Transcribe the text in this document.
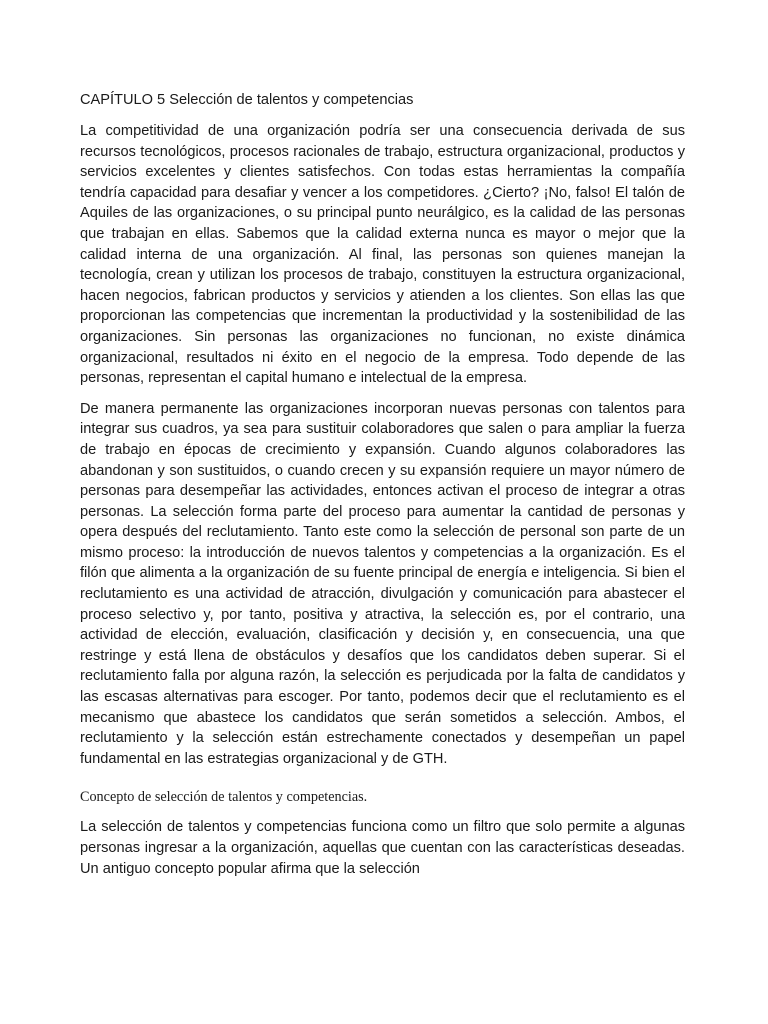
CAPÍTULO 5 Selección de talentos y competencias

La competitividad de una organización podría ser una consecuencia derivada de sus recursos tecnológicos, procesos racionales de trabajo, estructura organizacional, productos y servicios excelentes y clientes satisfechos. Con todas estas herramientas la compañía tendría capacidad para desafiar y vencer a los competidores. ¿Cierto? ¡No, falso! El talón de Aquiles de las organizaciones, o su principal punto neurálgico, es la calidad de las personas que trabajan en ellas. Sabemos que la calidad externa nunca es mayor o mejor que la calidad interna de una organización. Al final, las personas son quienes manejan la tecnología, crean y utilizan los procesos de trabajo, constituyen la estructura organizacional, hacen negocios, fabrican productos y servicios y atienden a los clientes. Son ellas las que proporcionan las competencias que incrementan la productividad y la sostenibilidad de las organizaciones. Sin personas las organizaciones no funcionan, no existe dinámica organizacional, resultados ni éxito en el negocio de la empresa. Todo depende de las personas, representan el capital humano e intelectual de la empresa.

De manera permanente las organizaciones incorporan nuevas personas con talentos para integrar sus cuadros, ya sea para sustituir colaboradores que salen o para ampliar la fuerza de trabajo en épocas de crecimiento y expansión. Cuando algunos colaboradores las abandonan y son sustituidos, o cuando crecen y su expansión requiere un mayor número de personas para desempeñar las actividades, entonces activan el proceso de integrar a otras personas. La selección forma parte del proceso para aumentar la cantidad de personas y opera después del reclutamiento. Tanto este como la selección de personal son parte de un mismo proceso: la introducción de nuevos talentos y competencias a la organización. Es el filón que alimenta a la organización de su fuente principal de energía e inteligencia. Si bien el reclutamiento es una actividad de atracción, divulgación y comunicación para abastecer el proceso selectivo y, por tanto, positiva y atractiva, la selección es, por el contrario, una actividad de elección, evaluación, clasificación y decisión y, en consecuencia, una que restringe y está llena de obstáculos y desafíos que los candidatos deben superar. Si el reclutamiento falla por alguna razón, la selección es perjudicada por la falta de candidatos y las escasas alternativas para escoger. Por tanto, podemos decir que el reclutamiento es el mecanismo que abastece los candidatos que serán sometidos a selección. Ambos, el reclutamiento y la selección están estrechamente conectados y desempeñan un papel fundamental en las estrategias organizacional y de GTH.

Concepto de selección de talentos y competencias.

La selección de talentos y competencias funciona como un filtro que solo permite a algunas personas ingresar a la organización, aquellas que cuentan con las características deseadas. Un antiguo concepto popular afirma que la selección
